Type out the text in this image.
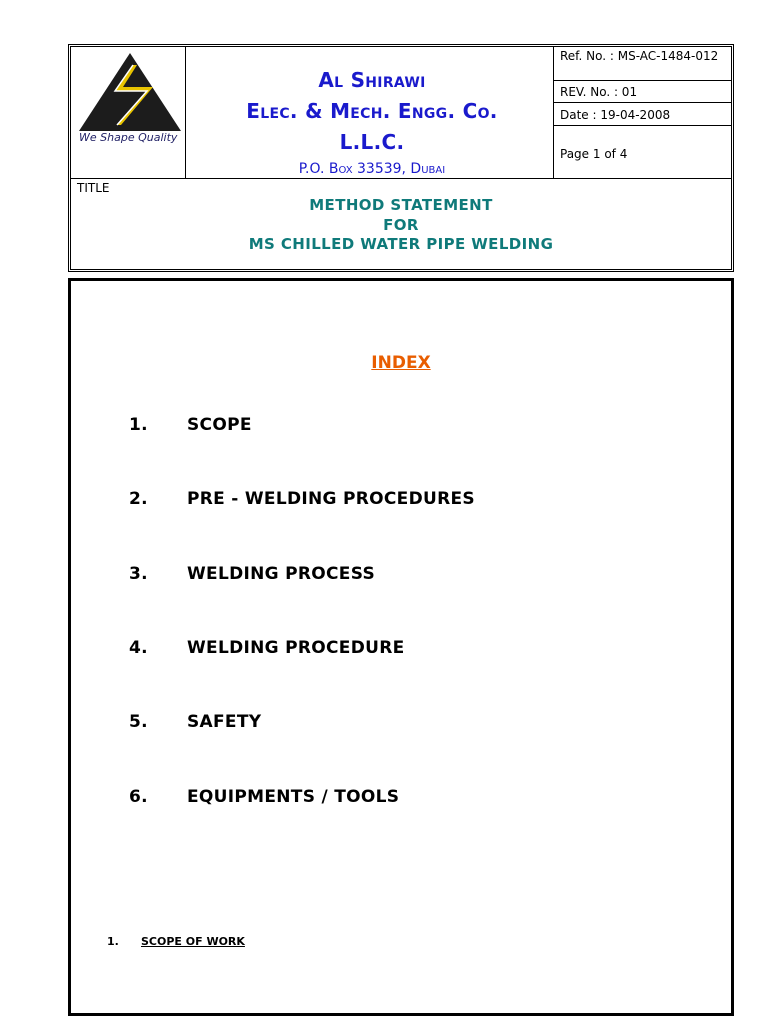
We Shape Quality
Al Shirawi
Elec. & Mech. Engg. Co.
L.L.C.
P.O. Box 33539, Dubai
Ref. No. : MS-AC-1484-012
REV. No. : 01
Date : 19-04-2008
Page 1 of 4
TITLE
METHOD STATEMENT
FOR
MS CHILLED WATER PIPE WELDING
INDEX
1. SCOPE
2. PRE - WELDING PROCEDURES
3. WELDING PROCESS
4. WELDING PROCEDURE
5. SAFETY
6. EQUIPMENTS / TOOLS
1. SCOPE OF WORK
